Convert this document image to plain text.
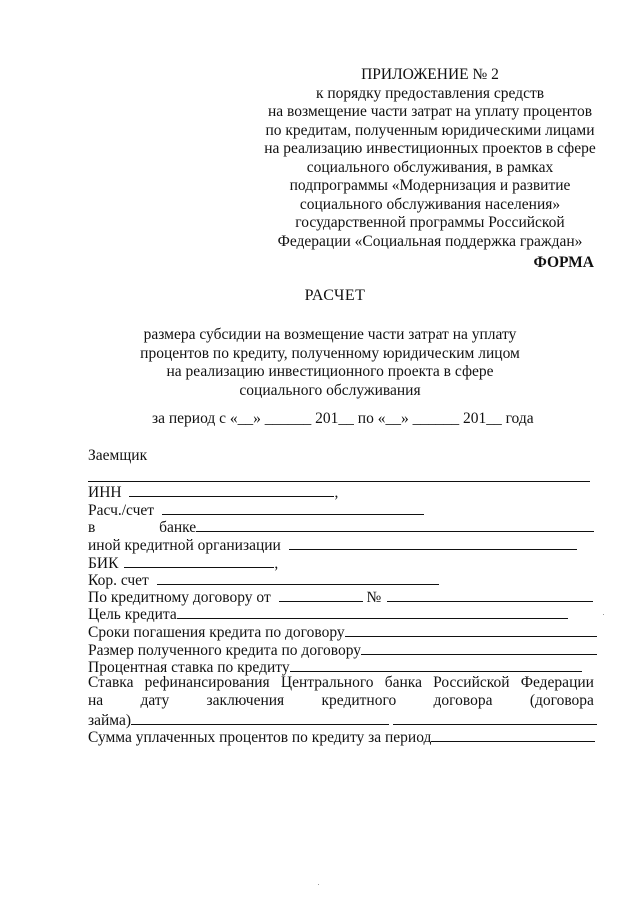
ПРИЛОЖЕНИЕ № 2
к порядку предоставления средств
на возмещение части затрат на уплату процентов
по кредитам, полученным юридическими лицами
на реализацию инвестиционных проектов в сфере
социального обслуживания, в рамках
подпрограммы «Модернизация и развитие
социального обслуживания населения»
государственной программы Российской
Федерации «Социальная поддержка граждан»
ФОРМА
РАСЧЕТ
размера субсидии на возмещение части затрат на уплату
процентов по кредиту, полученному юридическим лицом
на реализацию инвестиционного проекта в сфере
социального обслуживания
за период с «__» ______ 201__ по «__» ______ 201__ года
Заемщик
ИНН	,
Расч./счет
в	банке
иной кредитной организации
БИК	,
Кор. счет
По кредитному договору от	№
Цель кредита
Сроки погашения кредита по договору
Размер полученного кредита по договору
Процентная ставка по кредиту
Ставка рефинансирования Центрального банка Российской Федерации
на дату заключения кредитного договора (договора
займа)
Сумма уплаченных процентов по кредиту за период
